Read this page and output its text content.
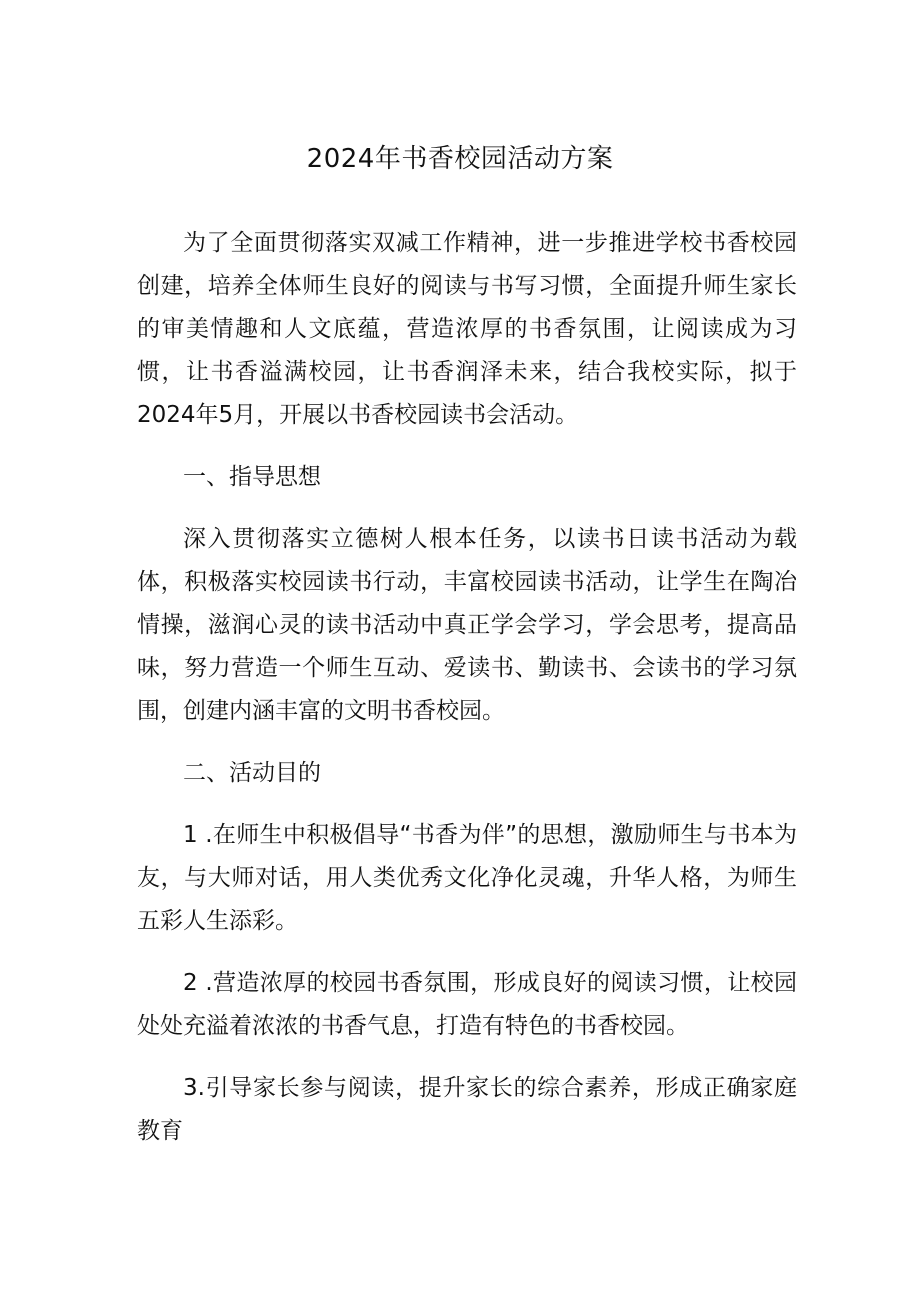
2024年书香校园活动方案

为了全面贯彻落实双减工作精神，进一步推进学校书香校园创建，培养全体师生良好的阅读与书写习惯，全面提升师生家长的审美情趣和人文底蕴，营造浓厚的书香氛围，让阅读成为习惯，让书香溢满校园，让书香润泽未来，结合我校实际，拟于2024年5月，开展以书香校园读书会活动。

一、指导思想

深入贯彻落实立德树人根本任务，以读书日读书活动为载体，积极落实校园读书行动，丰富校园读书活动，让学生在陶冶情操，滋润心灵的读书活动中真正学会学习，学会思考，提高品味，努力营造一个师生互动、爱读书、勤读书、会读书的学习氛围，创建内涵丰富的文明书香校园。

二、活动目的

1 .在师生中积极倡导“书香为伴”的思想，激励师生与书本为友，与大师对话，用人类优秀文化净化灵魂，升华人格，为师生五彩人生添彩。

2 .营造浓厚的校园书香氛围，形成良好的阅读习惯，让校园处处充溢着浓浓的书香气息，打造有特色的书香校园。

3.引导家长参与阅读，提升家长的综合素养，形成正确家庭教育
